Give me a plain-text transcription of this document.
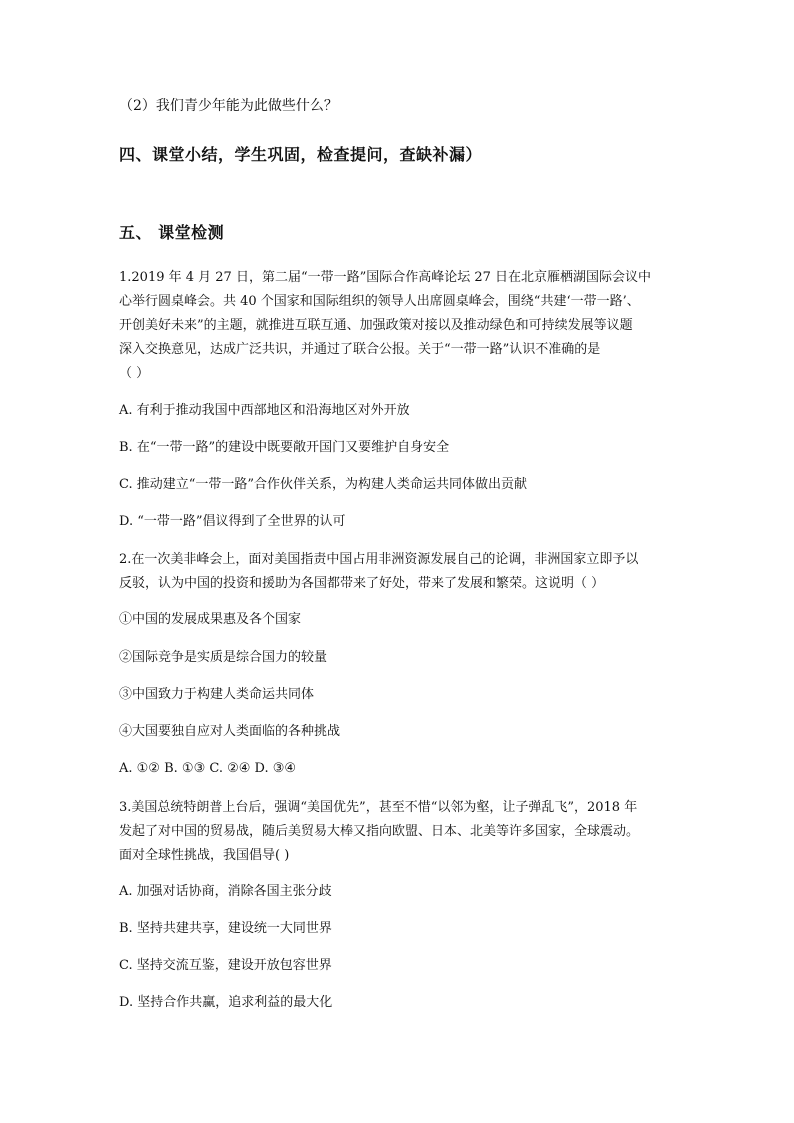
（2）我们青少年能为此做些什么？
四、课堂小结，学生巩固，检查提问，查缺补漏）
五、 课堂检测

1.2019 年 4 月 27 日，第二届“一带一路”国际合作高峰论坛 27 日在北京雁栖湖国际会议中

心举行圆桌峰会。共 40 个国家和国际组织的领导人出席圆桌峰会，围绕“共建‘一带一路’、

开创美好未来”的主题，就推进互联互通、加强政策对接以及推动绿色和可持续发展等议题

深入交换意见，达成广泛共识，并通过了联合公报。关于“一带一路”认识不准确的是

（ ）

A. 有利于推动我国中西部地区和沿海地区对外开放
B. 在“一带一路”的建设中既要敞开国门又要维护自身安全
C. 推动建立“一带一路”合作伙伴关系，为构建人类命运共同体做出贡献
D. “一带一路”倡议得到了全世界的认可

2.在一次美非峰会上，面对美国指责中国占用非洲资源发展自己的论调，非洲国家立即予以

反驳，认为中国的投资和援助为各国都带来了好处，带来了发展和繁荣。这说明（ ）

①中国的发展成果惠及各个国家
②国际竞争是实质是综合国力的较量
③中国致力于构建人类命运共同体
④大国要独自应对人类面临的各种挑战
A. ①② B. ①③ C. ②④ D. ③④

3.美国总统特朗普上台后，强调“美国优先”，甚至不惜“以邻为壑，让子弹乱飞”，2018 年

发起了对中国的贸易战，随后美贸易大棒又指向欧盟、日本、北美等许多国家，全球震动。

面对全球性挑战，我国倡导( )

A. 加强对话协商，消除各国主张分歧
B. 坚持共建共享，建设统一大同世界
C. 坚持交流互鉴，建设开放包容世界
D. 坚持合作共赢，追求利益的最大化
